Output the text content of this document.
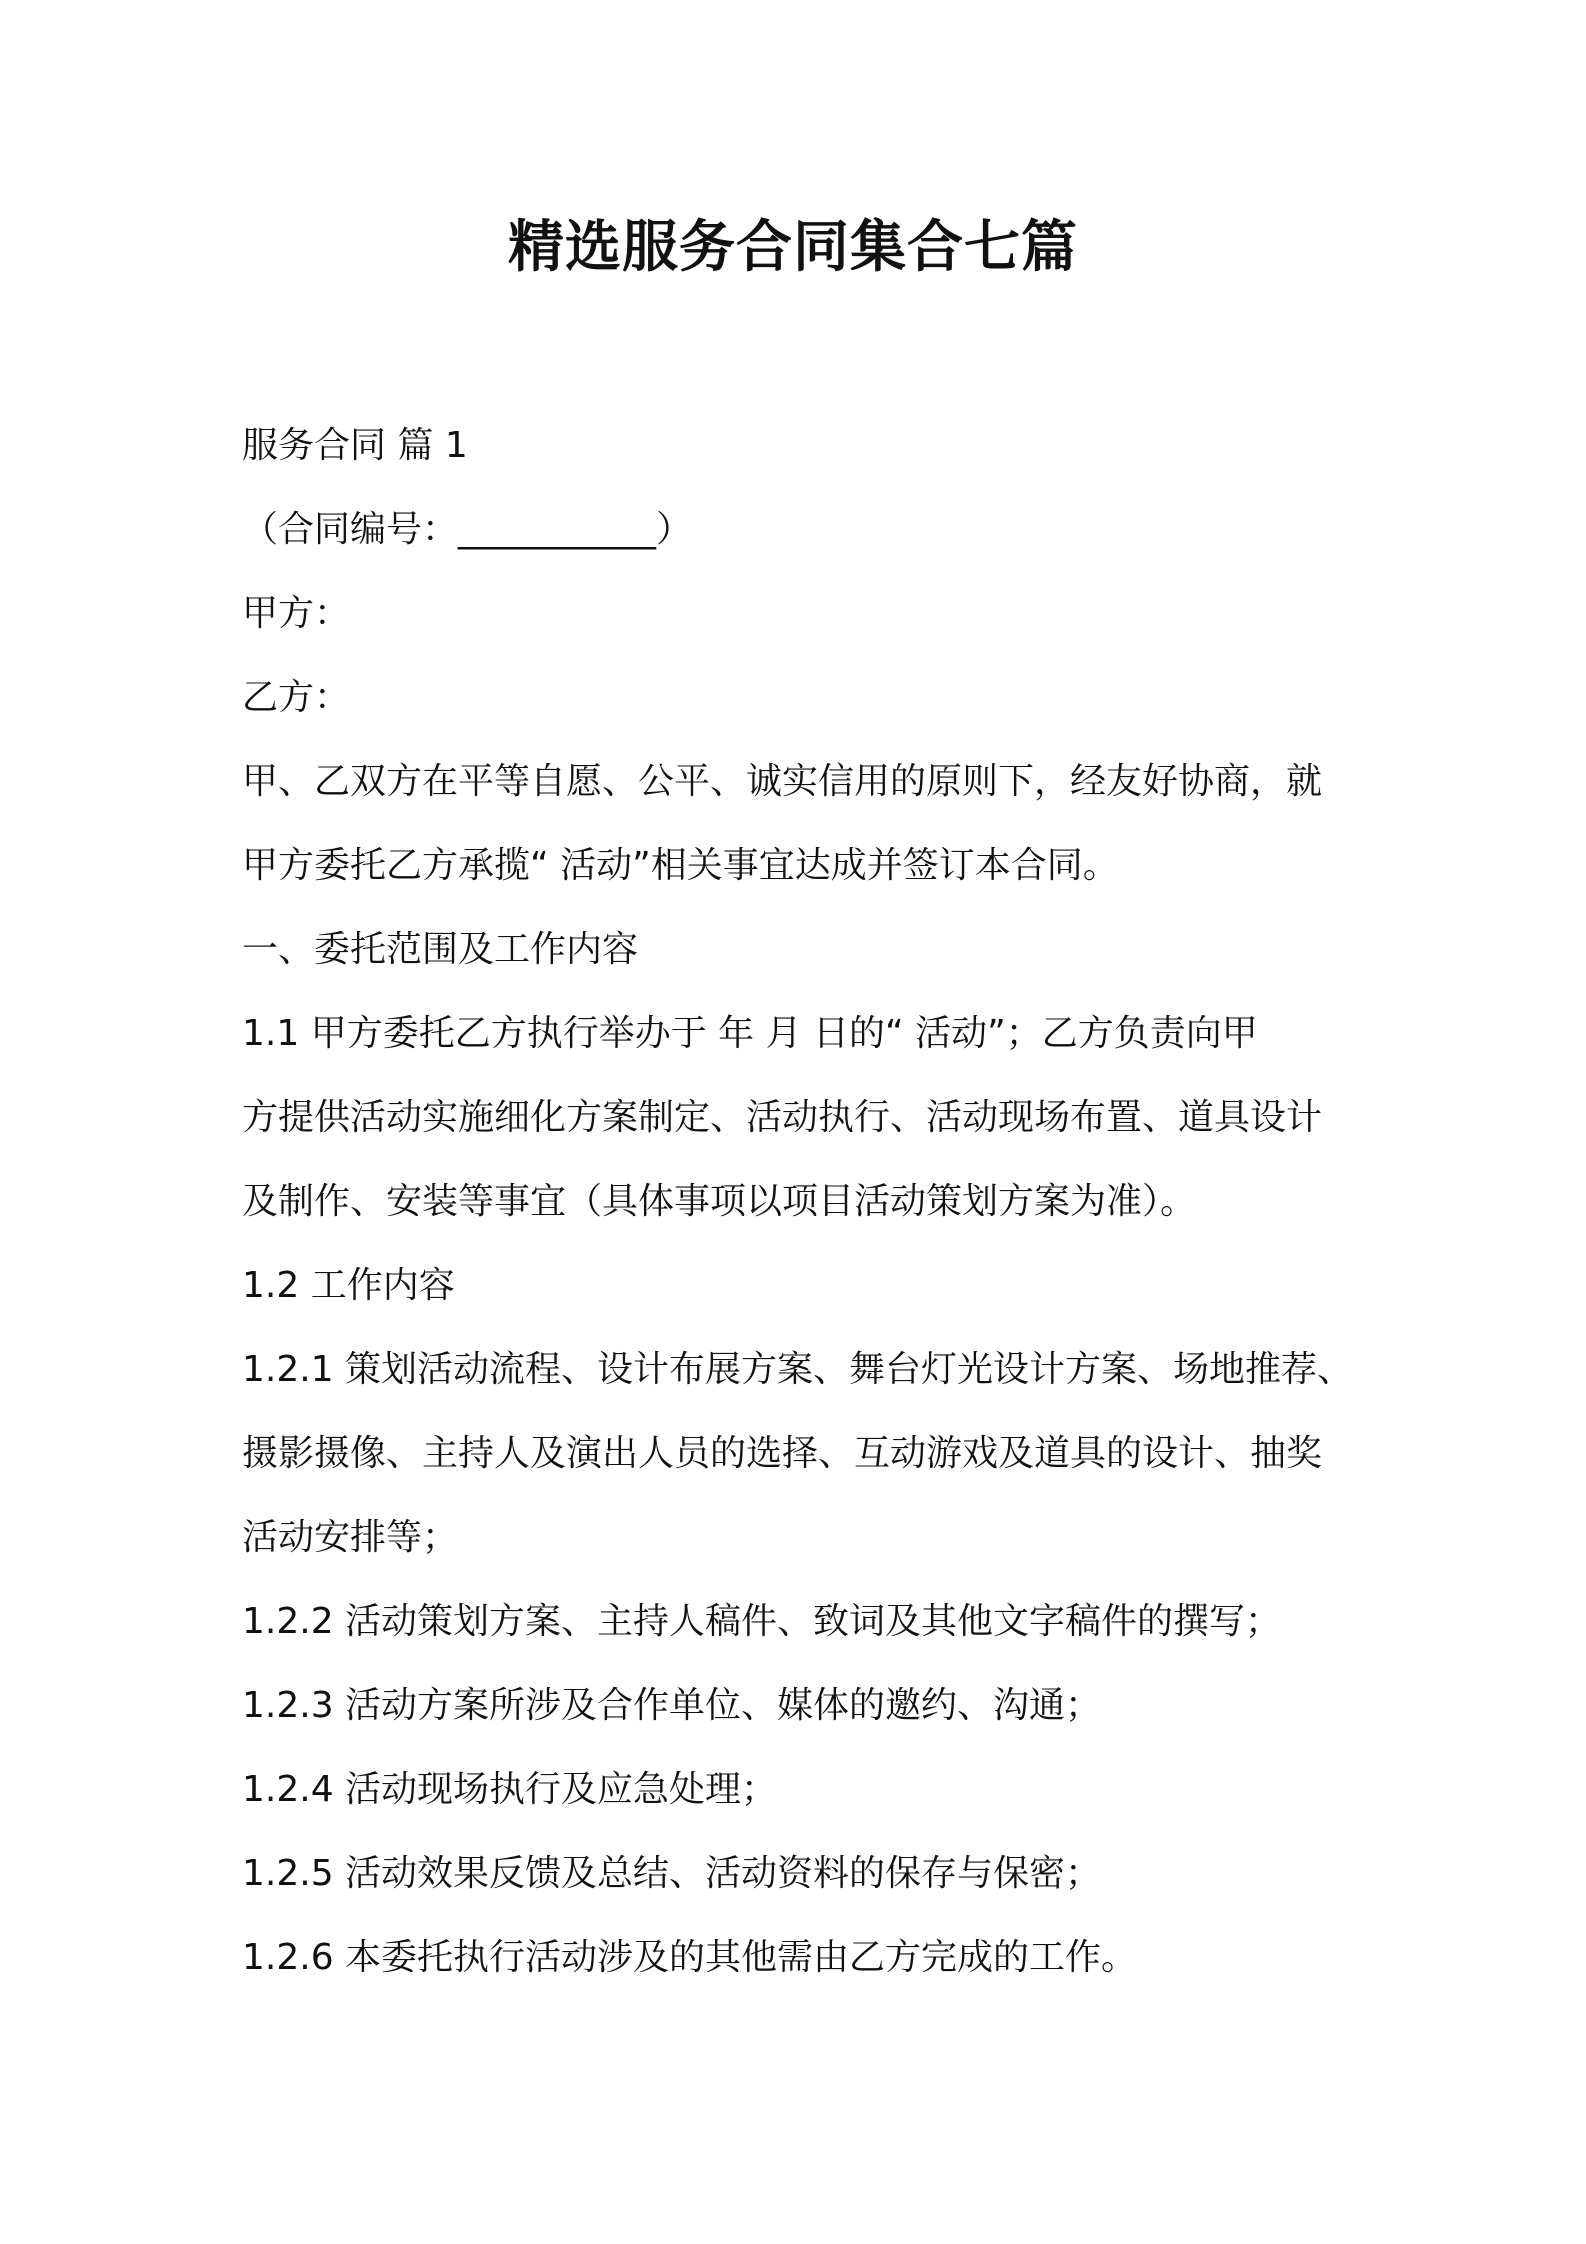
精选服务合同集合七篇

服务合同 篇 1

（合同编号：___________）

甲方：

乙方：

甲、乙双方在平等自愿、公平、诚实信用的原则下，经友好协商，就

甲方委托乙方承揽“ 活动”相关事宜达成并签订本合同。

一、委托范围及工作内容

1.1 甲方委托乙方执行举办于 年 月 日的“ 活动”；乙方负责向甲

方提供活动实施细化方案制定、活动执行、活动现场布置、道具设计

及制作、安装等事宜（具体事项以项目活动策划方案为准）。

1.2 工作内容

1.2.1 策划活动流程、设计布展方案、舞台灯光设计方案、场地推荐、

摄影摄像、主持人及演出人员的选择、互动游戏及道具的设计、抽奖

活动安排等；

1.2.2 活动策划方案、主持人稿件、致词及其他文字稿件的撰写；

1.2.3 活动方案所涉及合作单位、媒体的邀约、沟通；

1.2.4 活动现场执行及应急处理；

1.2.5 活动效果反馈及总结、活动资料的保存与保密；

1.2.6 本委托执行活动涉及的其他需由乙方完成的工作。
